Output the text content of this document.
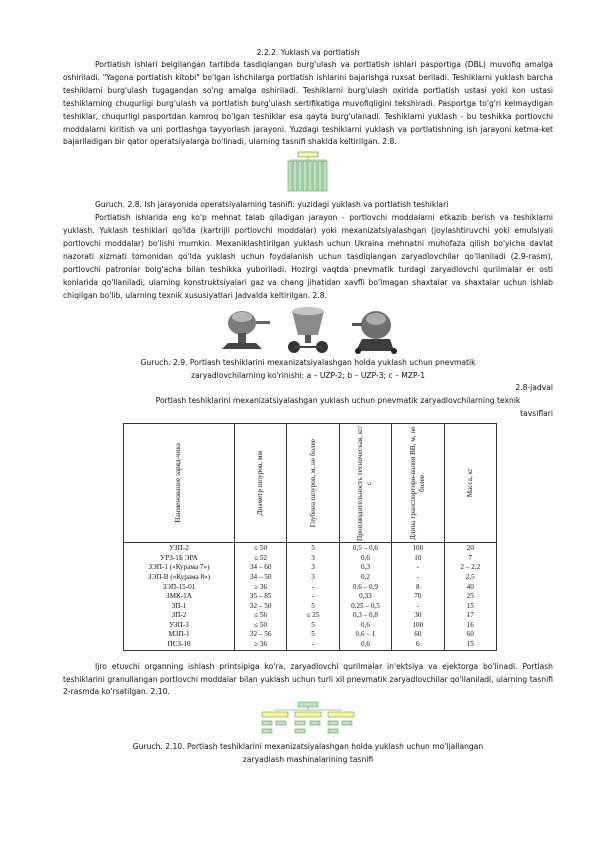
2.2.2. Yuklash va portlatish

Portlatish ishlari belgilangan tartibda tasdiqlangan burg'ulash va portlatish ishlari pasportiga (DBL) muvofiq amalga oshiriladi. "Yagona portlatish kitobi" bo'lgan ishchilarga portlatish ishlarini bajarishga ruxsat beriladi. Teshiklarni yuklash barcha teshiklarni burg'ulash tugagandan so'ng amalga oshiriladi. Teshiklarni burg'ulash oxirida portlatish ustasi yoki kon ustasi teshiklarning chuqurligi burg'ulash va portlatish burg'ulash sertifikatiga muvofiqligini tekshiradi. Pasportga to'g'ri kelmaydigan teshiklar, chuqurligi pasportdan kamroq bo'lgan teshiklar esa qayta burg'ulanadi. Teshiklarni yuklash - bu teshikka portlovchi moddalarni kiritish va uni portlashga tayyorlash jarayoni. Yuzdagi teshiklarni yuklash va portlatishning ish jarayoni ketma-ket bajariladigan bir qator operatsiyalarga bo'linadi, ularning tasnifi shaklda keltirilgan. 2.8.

Guruch. 2.8. Ish jarayonida operatsiyalarning tasnifi: yuzidagi yuklash va portlatish teshiklari

Portlatish ishlarida eng ko'p mehnat talab qiladigan jarayon - portlovchi moddalarni etkazib berish va teshiklarni yuklash. Yuklash teshiklari qo'lda (kartrijli portlovchi moddalar) yoki mexanizatsiyalashgan (joylashtiruvchi yoki emulsiyali portlovchi moddalar) bo'lishi mumkin. Mexaniklashtirilgan yuklash uchun Ukraina mehnatni muhofaza qilish bo'yicha davlat nazorati xizmati tomonidan qo'lda yuklash uchun foydalanish uchun tasdiqlangan zaryadlovchilar qo'llaniladi (2.9-rasm), portlovchi patronlar bolg'acha bilan teshikka yuboriladi. Hozirgi vaqtda pnevmatik turdagi zaryadlovchi qurilmalar er osti konlarida qo'llaniladi, ularning konstruktsiyalari gaz va chang jihatidan xavfli bo'lmagan shaxtalar va shaxtalar uchun ishlab chiqilgan bo'lib, ularning texnik xususiyatlari Jadvalda keltirilgan. 2.8.

Guruch. 2.9. Portlash teshiklarini mexanizatsiyalashgan holda yuklash uchun pnevmatik

zaryadlovchilarning ko'rinishi: a – UZP-2; b – UZP-3; c – MZP-1

2.8-jadval

Portlash teshiklarini mexanizatsiyalashgan yuklash uchun pnevmatik zaryadlovchilarning texnik

tavsiflari

Наименование заряд-чика	Диаметр шпуров, мм	Глубина шпуров, м, не более	Производительность техническая, кг/с	Длина транспортиро-вания ВВ, м, не более	Масса, кг

УЗП-2	≤ 50	5	0,5 – 0,6	100	20
УРЗ-1Б ЭРА	≤ 52	3	0,6	10	7
ЗЭП-1 («Курама 7»)	34 – 60	3	0,3	-	2 – 2,2
ЗЭП-В («Курама 8»)	34 – 50	3	0,2	-	2,5
ЗЭП-15-01	≥ 36	-	0,6 – 0,9	8	40
ЗМК-1А	35 – 85	-	0,33	70	25
ЗП-1	32 – 50	5	0,25 – 0,5	-	15
ЗП-2	≤ 56	≤ 25	0,3 – 0,8	30	17
УЗП-3	≤ 50	5	0,6	100	16
МЗП-1	32 – 56	5	0,6 – 1	60	60
ПСЗ-10	≥ 36	-	0,6	6	15

Ijro etuvchi organning ishlash printsipiga ko'ra, zaryadlovchi qurilmalar in'ektsiya va ejektorga bo'linadi. Portlash teshiklarini granullangan portlovchi moddalar bilan yuklash uchun turli xil pnevmatik zaryadlovchilar qo'llaniladi, ularning tasnifi 2-rasmda ko'rsatilgan. 2.10.

Guruch. 2.10. Portlash teshiklarini mexanizatsiyalashgan holda yuklash uchun mo'ljallangan

zaryadlash mashinalarining tasnifi
